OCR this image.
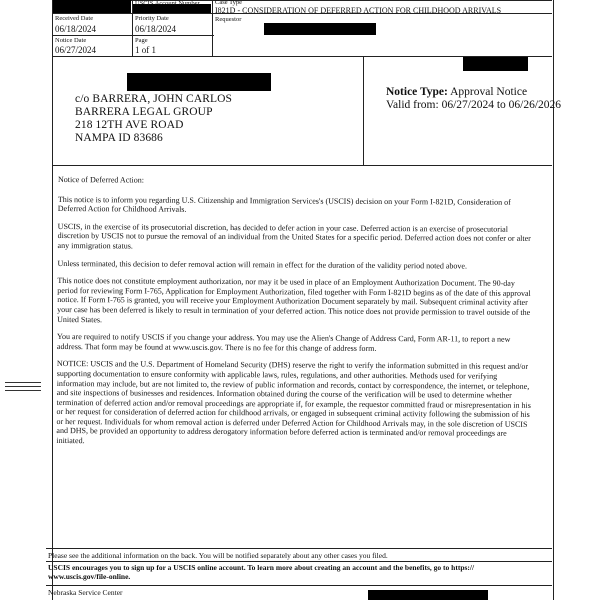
USCIS Account Number Case Type
I821D - CONSIDERATION OF DEFERRED ACTION FOR CHILDHOOD ARRIVALS
Received Date
06/18/2024
Priority Date
06/18/2024
Requestor
Notice Date
06/27/2024
Page
1 of 1
c/o BARRERA, JOHN CARLOS
BARRERA LEGAL GROUP
218 12TH AVE ROAD
NAMPA ID 83686
Notice Type: Approval Notice
Valid from: 06/27/2024 to 06/26/2026

Notice of Deferred Action:

This notice is to inform you regarding U.S. Citizenship and Immigration Services's (USCIS) decision on your Form I-821D, Consideration of Deferred Action for Childhood Arrivals.

USCIS, in the exercise of its prosecutorial discretion, has decided to defer action in your case. Deferred action is an exercise of prosecutorial discretion by USCIS not to pursue the removal of an individual from the United States for a specific period. Deferred action does not confer or alter any immigration status.

Unless terminated, this decision to defer removal action will remain in effect for the duration of the validity period noted above.

This notice does not constitute employment authorization, nor may it be used in place of an Employment Authorization Document. The 90-day period for reviewing Form I-765, Application for Employment Authorization, filed together with Form I-821D begins as of the date of this approval notice. If Form I-765 is granted, you will receive your Employment Authorization Document separately by mail. Subsequent criminal activity after your case has been deferred is likely to result in termination of your deferred action. This notice does not provide permission to travel outside of the United States.

You are required to notify USCIS if you change your address. You may use the Alien's Change of Address Card, Form AR-11, to report a new address. That form may be found at www.uscis.gov. There is no fee for this change of address form.

NOTICE: USCIS and the U.S. Department of Homeland Security (DHS) reserve the right to verify the information submitted in this request and/or supporting documentation to ensure conformity with applicable laws, rules, regulations, and other authorities. Methods used for verifying information may include, but are not limited to, the review of public information and records, contact by correspondence, the internet, or telephone, and site inspections of businesses and residences. Information obtained during the course of the verification will be used to determine whether termination of deferred action and/or removal proceedings are appropriate if, for example, the requestor committed fraud or misrepresentation in his or her request for consideration of deferred action for childhood arrivals, or engaged in subsequent criminal activity following the submission of his or her request. Individuals for whom removal action is deferred under Deferred Action for Childhood Arrivals may, in the sole discretion of USCIS and DHS, be provided an opportunity to address derogatory information before deferred action is terminated and/or removal proceedings are initiated.

Please see the additional information on the back. You will be notified separately about any other cases you filed.
USCIS encourages you to sign up for a USCIS online account. To learn more about creating an account and the benefits, go to https:// www.uscis.gov/file-online.
Nebraska Service Center
